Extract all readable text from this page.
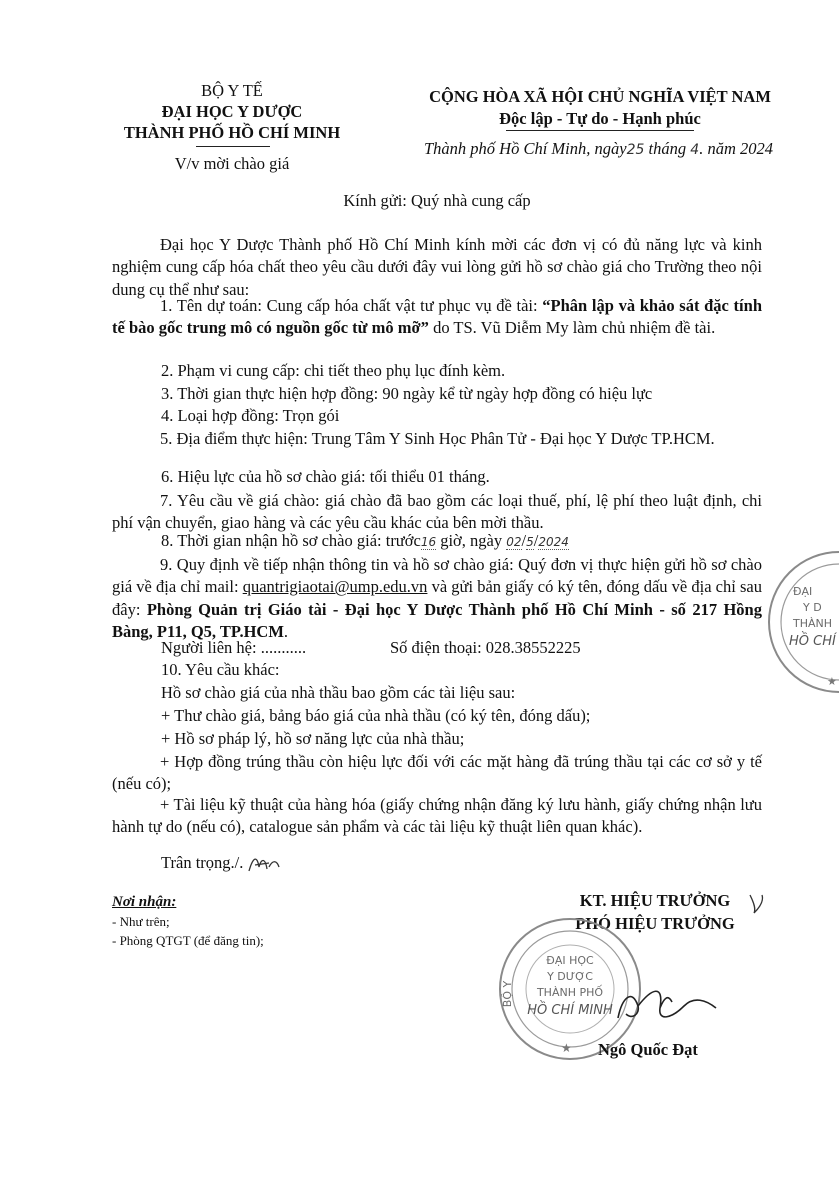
BỘ Y TẾ
ĐẠI HỌC Y DƯỢC
THÀNH PHỐ HỒ CHÍ MINH
V/v mời chào giá
CỘNG HÒA XÃ HỘI CHỦ NGHĨA VIỆT NAM
Độc lập - Tự do - Hạnh phúc
Thành phố Hồ Chí Minh, ngày25 tháng 4. năm 2024
Kính gửi: Quý nhà cung cấp
Đại học Y Dược Thành phố Hồ Chí Minh kính mời các đơn vị có đủ năng lực và kinh nghiệm cung cấp hóa chất theo yêu cầu dưới đây vui lòng gửi hồ sơ chào giá cho Trường theo nội dung cụ thể như sau:
1. Tên dự toán: Cung cấp hóa chất vật tư phục vụ đề tài: “Phân lập và khảo sát đặc tính tế bào gốc trung mô có nguồn gốc từ mô mỡ” do TS. Vũ Diễm My làm chủ nhiệm đề tài.
2. Phạm vi cung cấp: chi tiết theo phụ lục đính kèm.
3. Thời gian thực hiện hợp đồng: 90 ngày kể từ ngày hợp đồng có hiệu lực
4. Loại hợp đồng: Trọn gói
5. Địa điểm thực hiện: Trung Tâm Y Sinh Học Phân Tử - Đại học Y Dược TP.HCM.
6. Hiệu lực của hồ sơ chào giá: tối thiểu 01 tháng.
7. Yêu cầu về giá chào: giá chào đã bao gồm các loại thuế, phí, lệ phí theo luật định, chi phí vận chuyển, giao hàng và các yêu cầu khác của bên mời thầu.
8. Thời gian nhận hồ sơ chào giá: trước16 giờ, ngày 02/5/2024
9. Quy định về tiếp nhận thông tin và hồ sơ chào giá: Quý đơn vị thực hiện gửi hồ sơ chào giá về địa chỉ mail: quantrigiaotai@ump.edu.vn và gửi bản giấy có ký tên, đóng dấu về địa chỉ sau đây: Phòng Quản trị Giáo tài - Đại học Y Dược Thành phố Hồ Chí Minh - số 217 Hồng Bàng, P11, Q5, TP.HCM.
Người liên hệ: ...........	Số điện thoại: 028.38552225
10. Yêu cầu khác:
Hồ sơ chào giá của nhà thầu bao gồm các tài liệu sau:
+ Thư chào giá, bảng báo giá của nhà thầu (có ký tên, đóng dấu);
+ Hồ sơ pháp lý, hồ sơ năng lực của nhà thầu;
+ Hợp đồng trúng thầu còn hiệu lực đối với các mặt hàng đã trúng thầu tại các cơ sở y tế (nếu có);
+ Tài liệu kỹ thuật của hàng hóa (giấy chứng nhận đăng ký lưu hành, giấy chứng nhận lưu hành tự do (nếu có), catalogue sản phẩm và các tài liệu kỹ thuật liên quan khác).
Trân trọng./.
Nơi nhận:
- Như trên;
- Phòng QTGT (để đăng tin);
KT. HIỆU TRƯỞNG
PHÓ HIỆU TRƯỞNG
ĐẠI HỌC
Y DƯỢC
THÀNH PHỐ
HỒ CHÍ MINH
BỘ Y
★ Ngô Quốc Đạt
ĐẠI
Y D
THÀNH
HỒ CHÍ
★
